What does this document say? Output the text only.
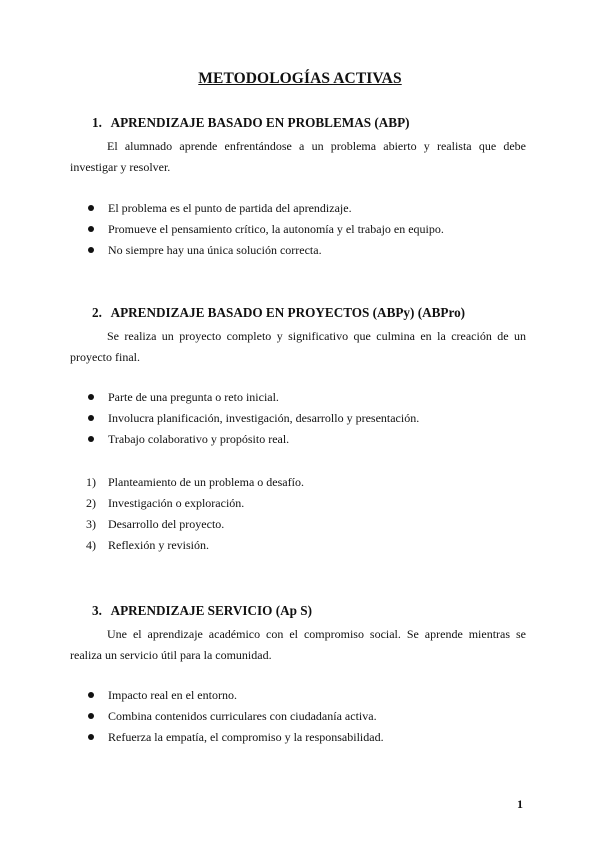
METODOLOGÍAS ACTIVAS
1. APRENDIZAJE BASADO EN PROBLEMAS (ABP)
El alumnado aprende enfrentándose a un problema abierto y realista que debe investigar y resolver.
El problema es el punto de partida del aprendizaje.
Promueve el pensamiento crítico, la autonomía y el trabajo en equipo.
No siempre hay una única solución correcta.
2. APRENDIZAJE BASADO EN PROYECTOS (ABPy) (ABPro)
Se realiza un proyecto completo y significativo que culmina en la creación de un proyecto final.
Parte de una pregunta o reto inicial.
Involucra planificación, investigación, desarrollo y presentación.
Trabajo colaborativo y propósito real.
1)	Planteamiento de un problema o desafío.
2)	Investigación o exploración.
3)	Desarrollo del proyecto.
4)	Reflexión y revisión.
3. APRENDIZAJE SERVICIO (Ap S)
Une el aprendizaje académico con el compromiso social. Se aprende mientras se realiza un servicio útil para la comunidad.
Impacto real en el entorno.
Combina contenidos curriculares con ciudadanía activa.
Refuerza la empatía, el compromiso y la responsabilidad.
1
